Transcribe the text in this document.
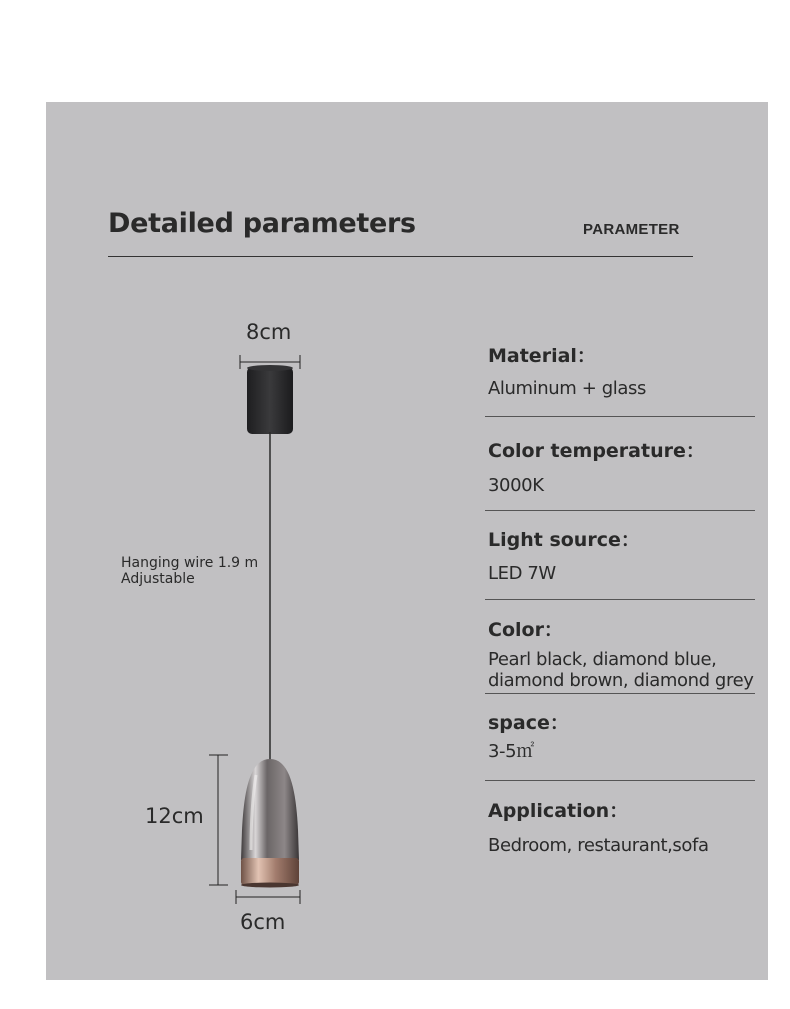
Detailed parameters	PARAMETER
8cm
12cm
6cm
Hanging wire 1.9 m
Adjustable
Material：
Aluminum + glass
Color temperature：
3000K
Light source：
LED 7W
Color：
Pearl black, diamond blue,
diamond brown, diamond grey
space：
3-5㎡
Application：
Bedroom, restaurant,sofa
